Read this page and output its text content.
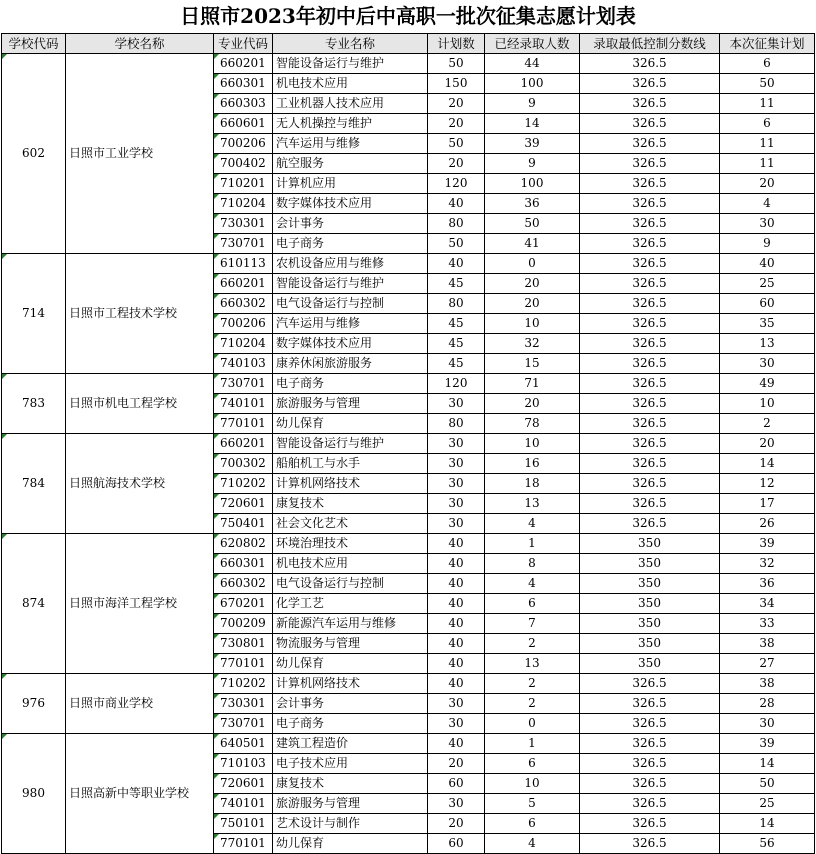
日照市2023年初中后中高职一批次征集志愿计划表
学校代码	学校名称	专业代码	专业名称	计划数	已经录取人数	录取最低控制分数线	本次征集计划

602	日照市工业学校	660201	智能设备运行与维护	50	44	326.5	6

660301	机电技术应用	150	100	326.5	50

660303	工业机器人技术应用	20	9	326.5	11

660601	无人机操控与维护	20	14	326.5	6

700206	汽车运用与维修	50	39	326.5	11

700402	航空服务	20	9	326.5	11

710201	计算机应用	120	100	326.5	20

710204	数字媒体技术应用	40	36	326.5	4

730301	会计事务	80	50	326.5	30

730701	电子商务	50	41	326.5	9

714	日照市工程技术学校	610113	农机设备应用与维修	40	0	326.5	40

660201	智能设备运行与维护	45	20	326.5	25

660302	电气设备运行与控制	80	20	326.5	60

700206	汽车运用与维修	45	10	326.5	35

710204	数字媒体技术应用	45	32	326.5	13

740103	康养休闲旅游服务	45	15	326.5	30

783	日照市机电工程学校	730701	电子商务	120	71	326.5	49

740101	旅游服务与管理	30	20	326.5	10

770101	幼儿保育	80	78	326.5	2

784	日照航海技术学校	660201	智能设备运行与维护	30	10	326.5	20

700302	船舶机工与水手	30	16	326.5	14

710202	计算机网络技术	30	18	326.5	12

720601	康复技术	30	13	326.5	17

750401	社会文化艺术	30	4	326.5	26

874	日照市海洋工程学校	620802	环境治理技术	40	1	350	39

660301	机电技术应用	40	8	350	32

660302	电气设备运行与控制	40	4	350	36

670201	化学工艺	40	6	350	34

700209	新能源汽车运用与维修	40	7	350	33

730801	物流服务与管理	40	2	350	38

770101	幼儿保育	40	13	350	27

976	日照市商业学校	710202	计算机网络技术	40	2	326.5	38

730301	会计事务	30	2	326.5	28

730701	电子商务	30	0	326.5	30

980	日照高新中等职业学校	640501	建筑工程造价	40	1	326.5	39

710103	电子技术应用	20	6	326.5	14

720601	康复技术	60	10	326.5	50

740101	旅游服务与管理	30	5	326.5	25

750101	艺术设计与制作	20	6	326.5	14

770101	幼儿保育	60	4	326.5	56
